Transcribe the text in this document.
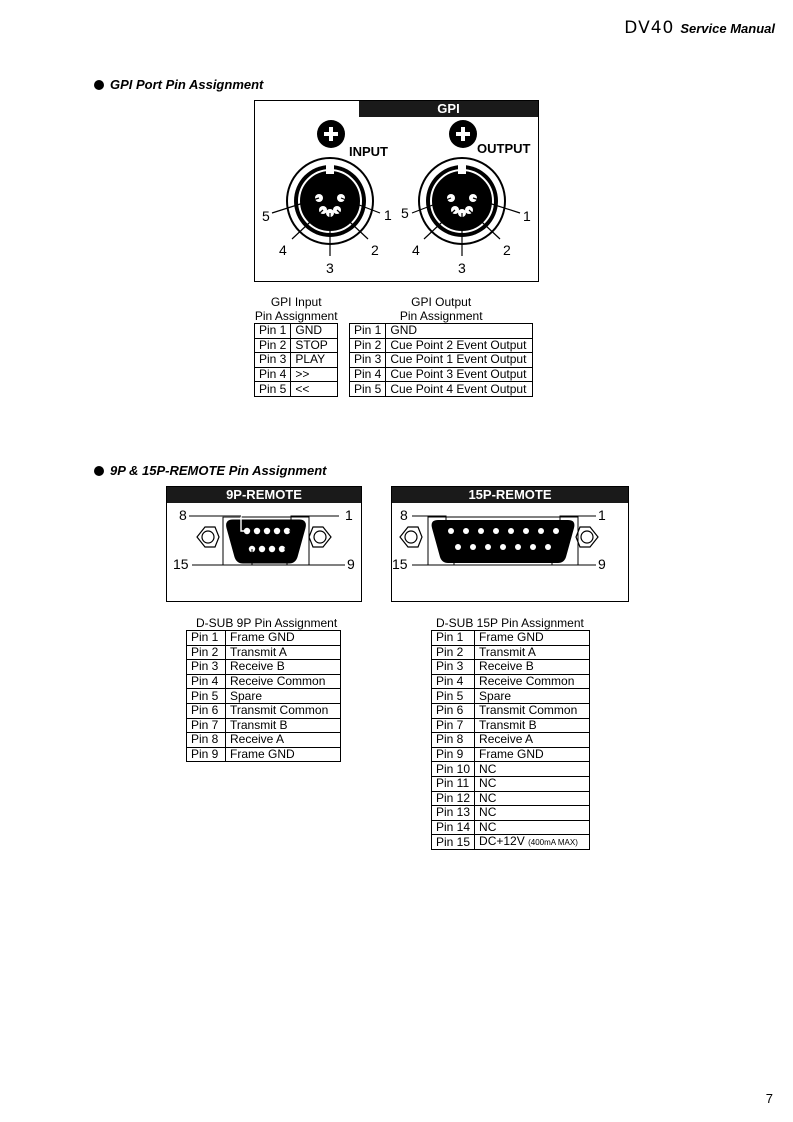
DV40 Service Manual
GPI Port Pin Assignment
GPI
INPUT	OUTPUT
1
5
4	2
3
1
5
4	2
3
GPI Input
Pin Assignment
Pin 1	GND
Pin 2	STOP
Pin 3	PLAY
Pin 4	>>
Pin 5	<<
GPI Output
Pin Assignment
Pin 1	GND
Pin 2	Cue Point 2 Event Output
Pin 3	Cue Point 1 Event Output
Pin 4	Cue Point 3 Event Output
Pin 5	Cue Point 4 Event Output
9P & 15P-REMOTE Pin Assignment
9P-REMOTE
8	1
15	9
15P-REMOTE
8	1
15	9
D-SUB 9P Pin Assignment
Pin 1	Frame GND
Pin 2	Transmit A
Pin 3	Receive B
Pin 4	Receive Common
Pin 5	Spare
Pin 6	Transmit Common
Pin 7	Transmit B
Pin 8	Receive A
Pin 9	Frame GND
D-SUB 15P Pin Assignment
Pin 1	Frame GND
Pin 2	Transmit A
Pin 3	Receive B
Pin 4	Receive Common
Pin 5	Spare
Pin 6	Transmit Common
Pin 7	Transmit B
Pin 8	Receive A
Pin 9	Frame GND
Pin 10	NC
Pin 11	NC
Pin 12	NC
Pin 13	NC
Pin 14	NC
Pin 15	DC+12V (400mA MAX)
7
